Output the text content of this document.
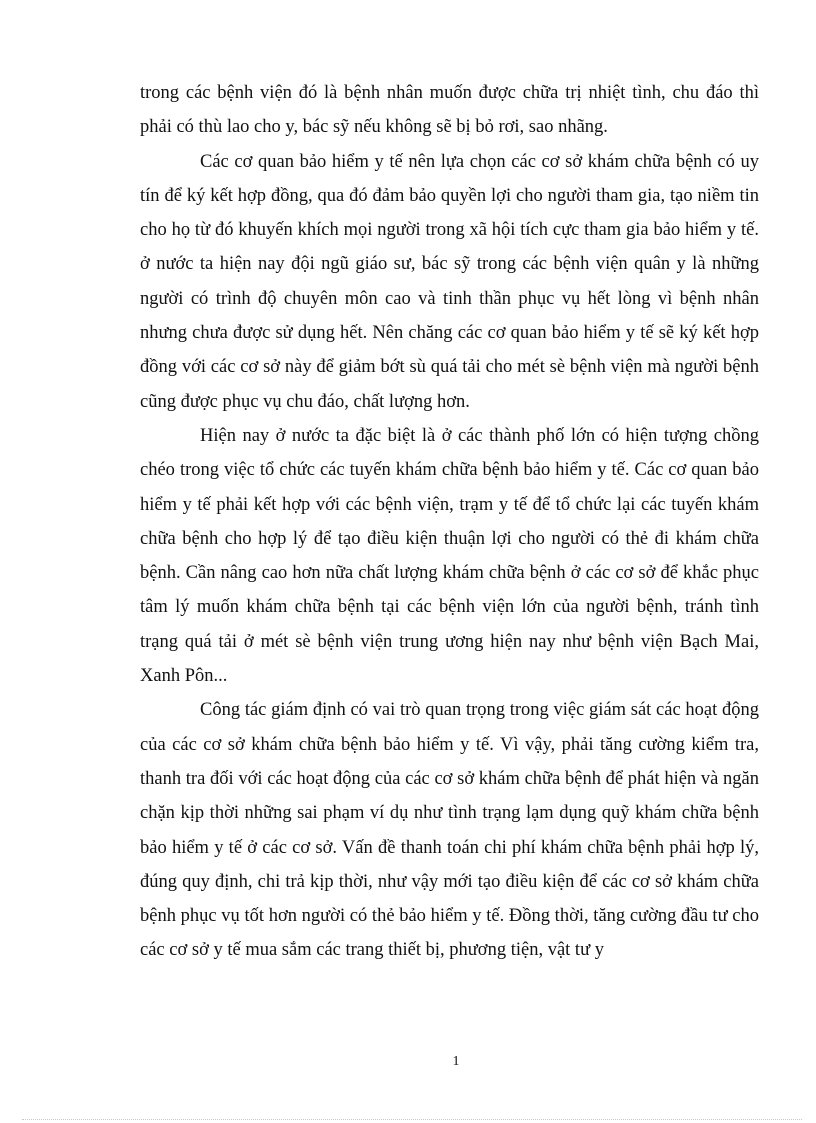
trong các bệnh viện đó là bệnh nhân muốn được chữa trị nhiệt tình, chu đáo thì phải có thù lao cho y, bác sỹ nếu không sẽ bị bỏ rơi, sao nhãng.

Các cơ quan bảo hiểm y tế nên lựa chọn các cơ sở khám chữa bệnh có uy tín để ký kết hợp đồng, qua đó đảm bảo quyền lợi cho người tham gia, tạo niềm tin cho họ từ đó khuyến khích mọi người trong xã hội tích cực tham gia bảo hiểm y tế. ở nước ta hiện nay đội ngũ giáo sư, bác sỹ trong các bệnh viện quân y là những người có trình độ chuyên môn cao và tinh thần phục vụ hết lòng vì bệnh nhân nhưng chưa được sử dụng hết. Nên chăng các cơ quan bảo hiểm y tế sẽ ký kết hợp đồng với các cơ sở này để giảm bớt sù quá tải cho mét sè bệnh viện mà người bệnh cũng được phục vụ chu đáo, chất lượng hơn.

Hiện nay ở nước ta đặc biệt là ở các thành phố lớn có hiện tượng chồng chéo trong việc tổ chức các tuyến khám chữa bệnh bảo hiểm y tế. Các cơ quan bảo hiểm y tế phải kết hợp với các bệnh viện, trạm y tế để tổ chức lại các tuyến khám chữa bệnh cho hợp lý để tạo điều kiện thuận lợi cho người có thẻ đi khám chữa bệnh. Cần nâng cao hơn nữa chất lượng khám chữa bệnh ở các cơ sở để khắc phục tâm lý muốn khám chữa bệnh tại các bệnh viện lớn của người bệnh, tránh tình trạng quá tải ở mét sè bệnh viện trung ương hiện nay như bệnh viện Bạch Mai, Xanh Pôn...

Công tác giám định có vai trò quan trọng trong việc giám sát các hoạt động của các cơ sở khám chữa bệnh bảo hiểm y tế. Vì vậy, phải tăng cường kiểm tra, thanh tra đối với các hoạt động của các cơ sở khám chữa bệnh để phát hiện và ngăn chặn kịp thời những sai phạm ví dụ như tình trạng lạm dụng quỹ khám chữa bệnh bảo hiểm y tế ở các cơ sở. Vấn đề thanh toán chi phí khám chữa bệnh phải hợp lý, đúng quy định, chi trả kịp thời, như vậy mới tạo điều kiện để các cơ sở khám chữa bệnh phục vụ tốt hơn người có thẻ bảo hiểm y tế. Đồng thời, tăng cường đầu tư cho các cơ sở y tế mua sắm các trang thiết bị, phương tiện, vật tư y

1
